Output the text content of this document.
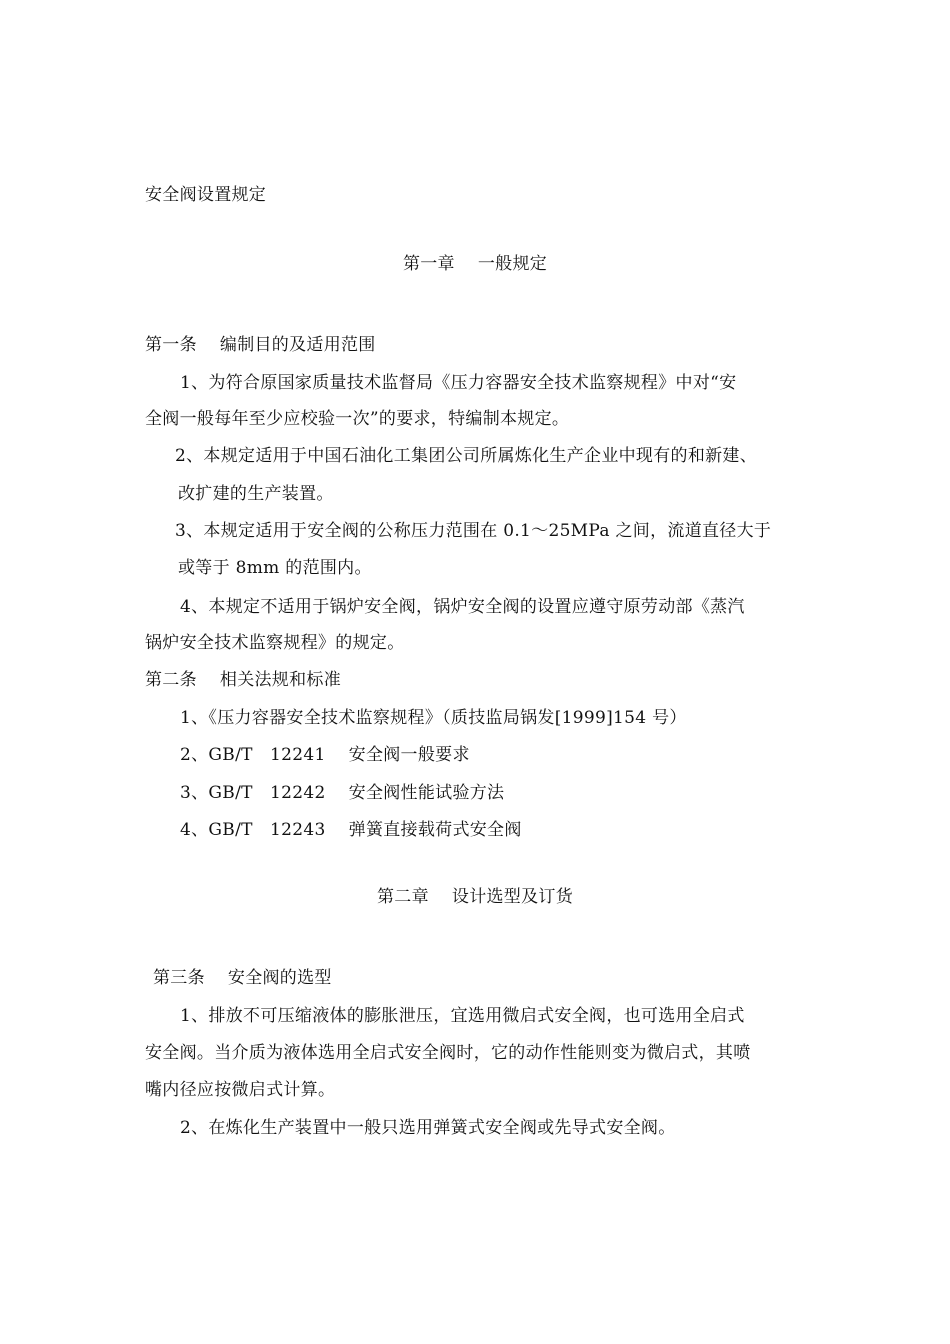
安全阀设置规定
第一章　 一般规定
第一条　 编制目的及适用范围
1、为符合原国家质量技术监督局《压力容器安全技术监察规程》中对“安
全阀一般每年至少应校验一次”的要求，特编制本规定。
2、本规定适用于中国石油化工集团公司所属炼化生产企业中现有的和新建、
改扩建的生产装置。
3、本规定适用于安全阀的公称压力范围在 0.1～25MPa 之间，流道直径大于
或等于 8mm 的范围内。
4、本规定不适用于锅炉安全阀，锅炉安全阀的设置应遵守原劳动部《蒸汽
锅炉安全技术监察规程》的规定。
第二条　 相关法规和标准
1、《压力容器安全技术监察规程》（质技监局锅发[1999]154 号）
2、GB/T　12241　 安全阀一般要求
3、GB/T　12242　 安全阀性能试验方法
4、GB/T　12243　 弹簧直接载荷式安全阀
第二章　 设计选型及订货
第三条　 安全阀的选型
1、排放不可压缩液体的膨胀泄压，宜选用微启式安全阀，也可选用全启式
安全阀。当介质为液体选用全启式安全阀时，它的动作性能则变为微启式，其喷
嘴内径应按微启式计算。
2、在炼化生产装置中一般只选用弹簧式安全阀或先导式安全阀。
